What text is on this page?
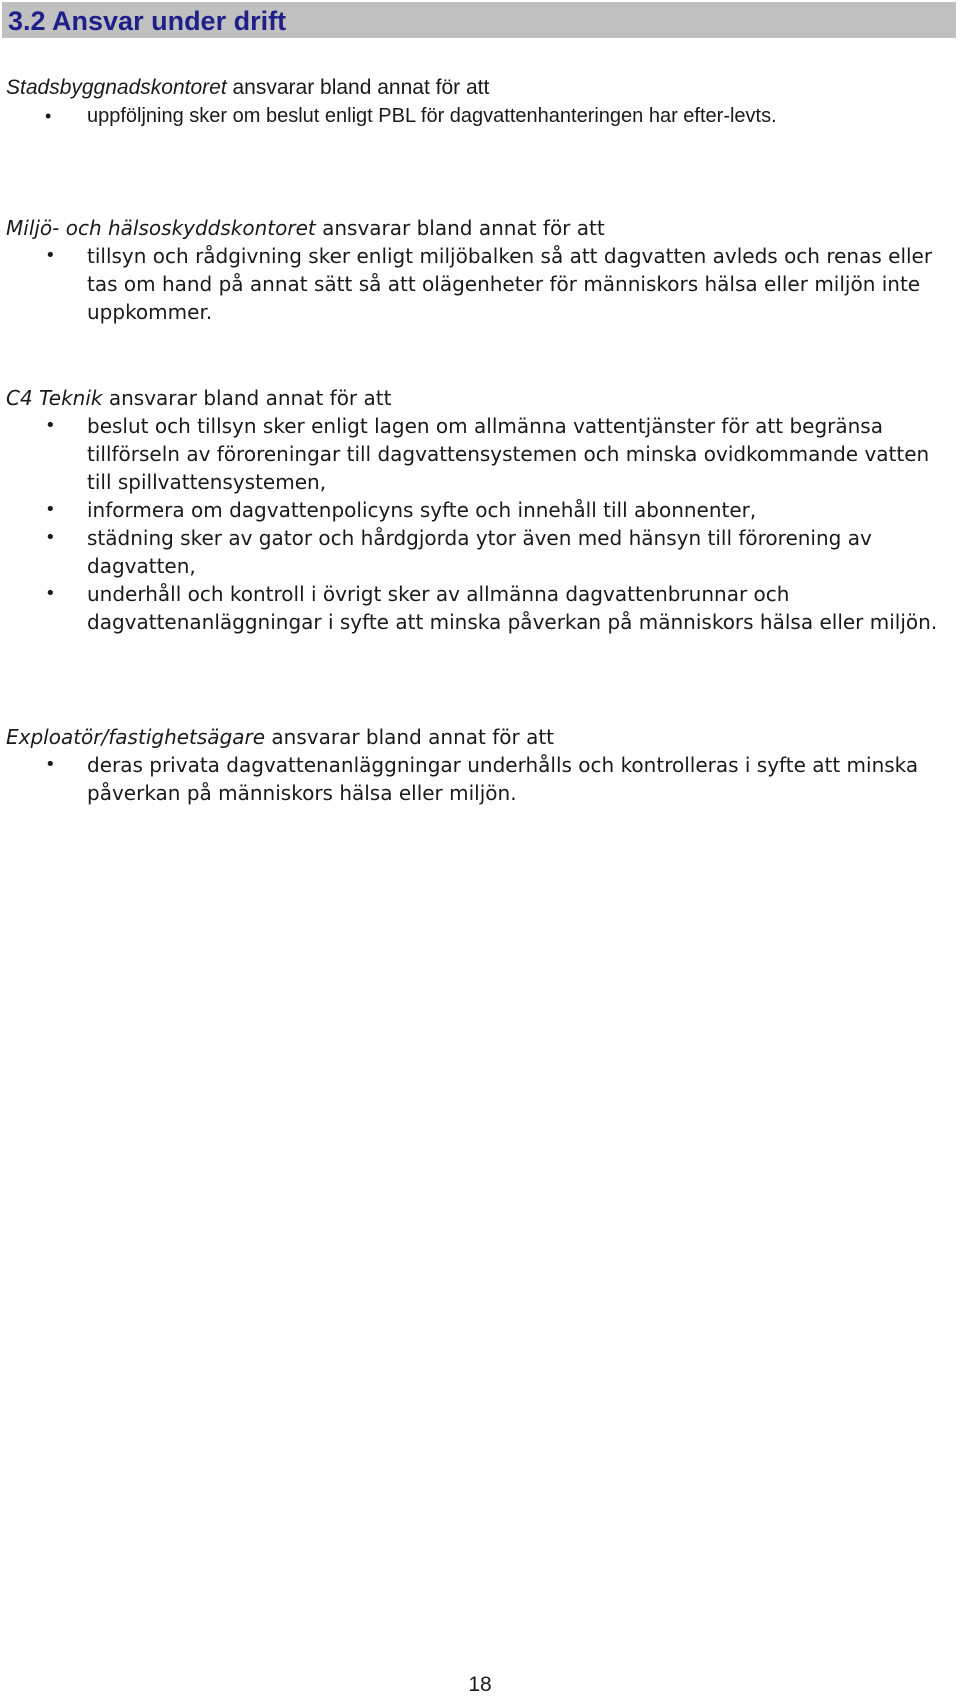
3.2 Ansvar under drift
Stadsbyggnadskontoret ansvarar bland annat för att
• uppföljning sker om beslut enligt PBL för dagvattenhanteringen har efter-levts.
Miljö- och hälsoskyddskontoret ansvarar bland annat för att
• tillsyn och rådgivning sker enligt miljöbalken så att dagvatten avleds och renas eller tas om hand på annat sätt så att olägenheter för människors hälsa eller miljön inte uppkommer.
C4 Teknik ansvarar bland annat för att
• beslut och tillsyn sker enligt lagen om allmänna vattentjänster för att begränsa tillförseln av föroreningar till dagvattensystemen och minska ovidkommande vatten till spillvattensystemen,
• informera om dagvattenpolicyns syfte och innehåll till abonnenter,
• städning sker av gator och hårdgjorda ytor även med hänsyn till förorening av dagvatten,
• underhåll och kontroll i övrigt sker av allmänna dagvattenbrunnar och dagvattenanläggningar i syfte att minska påverkan på människors hälsa eller miljön.
Exploatör/fastighetsägare ansvarar bland annat för att
• deras privata dagvattenanläggningar underhålls och kontrolleras i syfte att minska påverkan på människors hälsa eller miljön.
18
